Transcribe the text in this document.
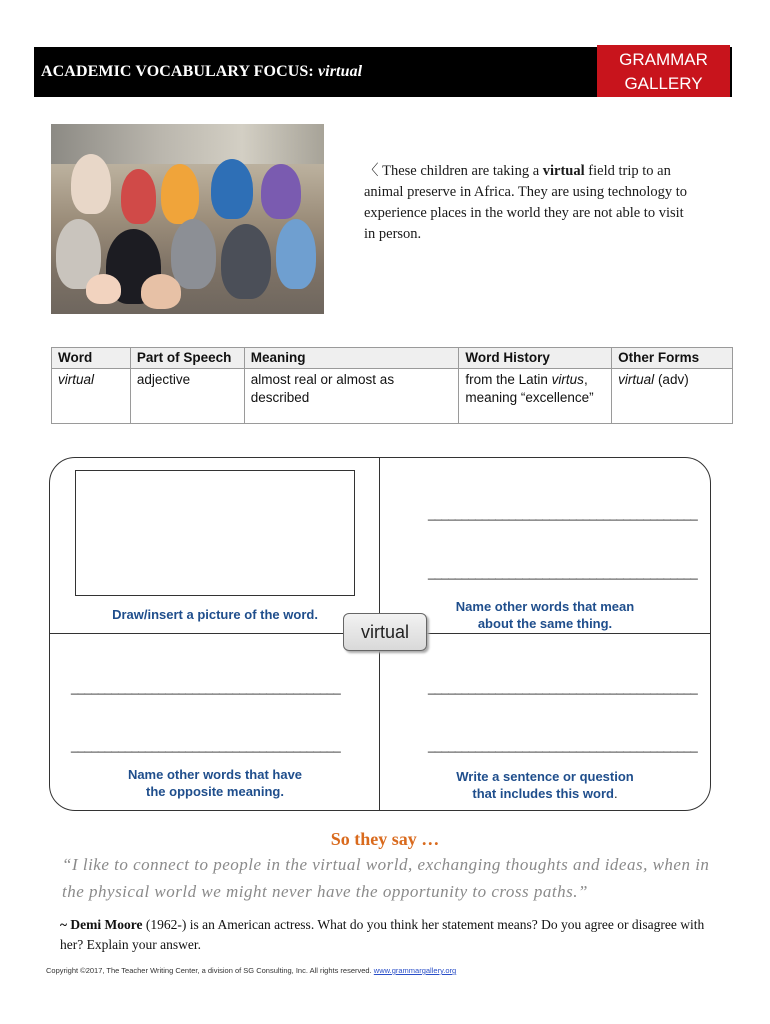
ACADEMIC VOCABULARY FOCUS: virtual
GRAMMAR
GALLERY
〈 These children are taking a virtual field trip to an animal preserve in Africa. They are using technology to experience places in the world they are not able to visit in person.
Word	Part of Speech	Meaning	Word History	Other Forms
virtual	adjective	almost real or almost as described	from the Latin virtus, meaning “excellence”	virtual (adv)
Draw/insert a picture of the word.
________________________________________
________________________________________
Name other words that mean
about the same thing.
virtual
________________________________________
________________________________________
Name other words that have
the opposite meaning.
________________________________________
________________________________________
Write a sentence or question
that includes this word.
So they say …
“I like to connect to people in the virtual world, exchanging thoughts and ideas, when in the physical world we might never have the opportunity to cross paths.”
~ Demi Moore (1962-) is an American actress. What do you think her statement means? Do you agree or disagree with her? Explain your answer.
Copyright ©2017, The Teacher Writing Center, a division of SG Consulting, Inc. All rights reserved. www.grammargallery.org
